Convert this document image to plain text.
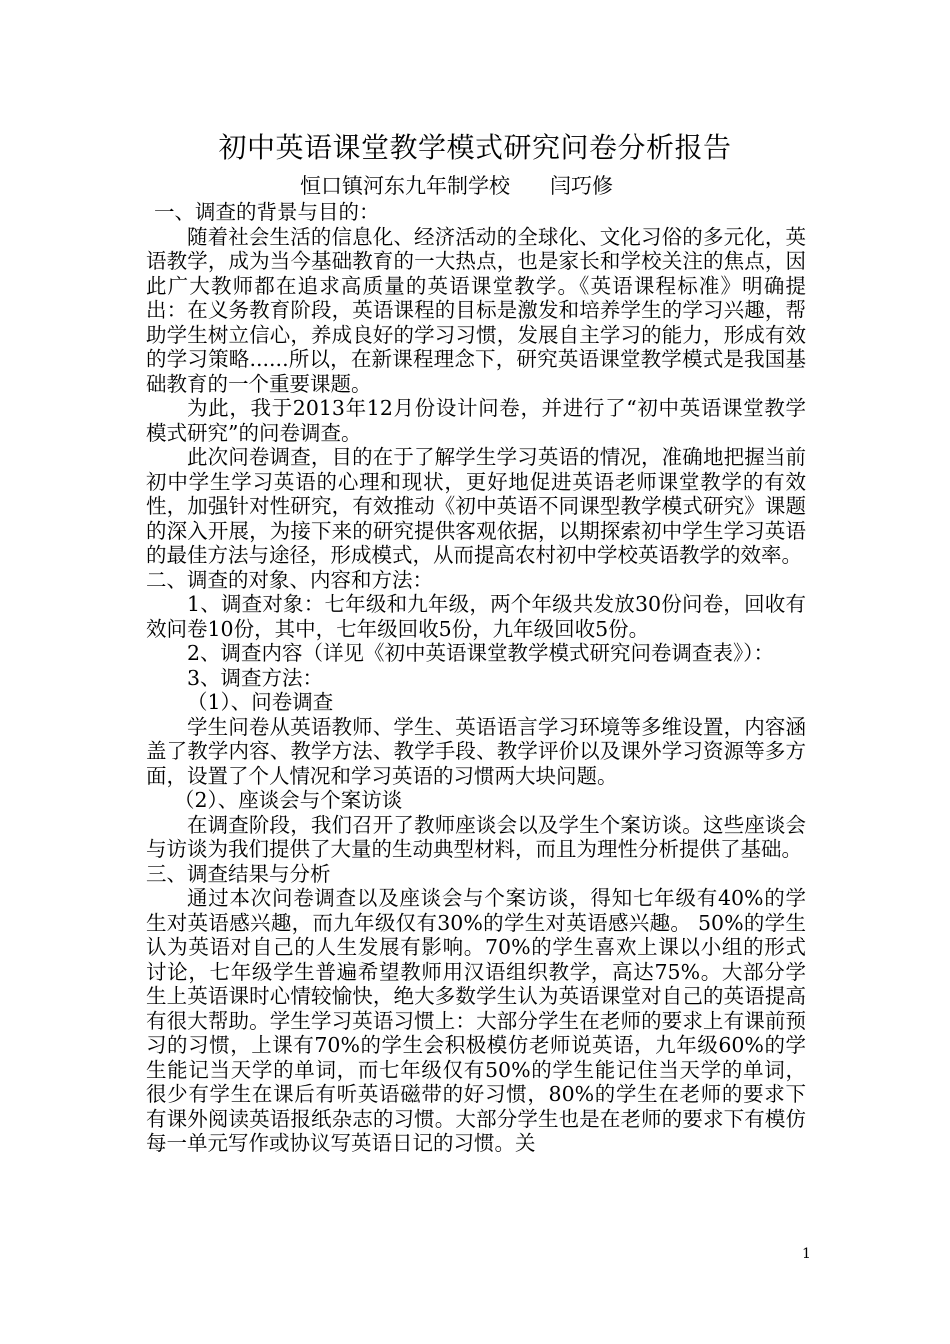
初中英语课堂教学模式研究问卷分析报告
恒口镇河东九年制学校      闫巧修

一、调查的背景与目的：

随着社会生活的信息化、经济活动的全球化、文化习俗的多元化，英语教学，成为当今基础教育的一大热点，也是家长和学校关注的焦点，因此广大教师都在追求高质量的英语课堂教学。《英语课程标准》明确提出：在义务教育阶段，英语课程的目标是激发和培养学生的学习兴趣，帮助学生树立信心，养成良好的学习习惯，发展自主学习的能力，形成有效的学习策略......所以，在新课程理念下，研究英语课堂教学模式是我国基础教育的一个重要课题。

为此，我于2013年12月份设计问卷，并进行了“初中英语课堂教学模式研究”的问卷调查。

此次问卷调查，目的在于了解学生学习英语的情况，准确地把握当前初中学生学习英语的心理和现状，更好地促进英语老师课堂教学的有效性，加强针对性研究，有效推动《初中英语不同课型教学模式研究》课题的深入开展，为接下来的研究提供客观依据，以期探索初中学生学习英语的最佳方法与途径，形成模式，从而提高农村初中学校英语教学的效率。

二、调查的对象、内容和方法：

1、调查对象：七年级和九年级，两个年级共发放30份问卷，回收有效问卷10份，其中，七年级回收5份，九年级回收5份。

2、调查内容（详见《初中英语课堂教学模式研究问卷调查表》）：

3、调查方法：

（1）、问卷调查

学生问卷从英语教师、学生、英语语言学习环境等多维设置，内容涵盖了教学内容、教学方法、教学手段、教学评价以及课外学习资源等多方面，设置了个人情况和学习英语的习惯两大块问题。

（2）、座谈会与个案访谈

在调查阶段，我们召开了教师座谈会以及学生个案访谈。这些座谈会与访谈为我们提供了大量的生动典型材料，而且为理性分析提供了基础。

三、调查结果与分析

通过本次问卷调查以及座谈会与个案访谈，得知七年级有40%的学生对英语感兴趣，而九年级仅有30%的学生对英语感兴趣。 50%的学生认为英语对自己的人生发展有影响。70%的学生喜欢上课以小组的形式讨论，七年级学生普遍希望教师用汉语组织教学，高达75%。大部分学生上英语课时心情较愉快，绝大多数学生认为英语课堂对自己的英语提高有很大帮助。学生学习英语习惯上：大部分学生在老师的要求上有课前预习的习惯，上课有70%的学生会积极模仿老师说英语，九年级60%的学生能记当天学的单词，而七年级仅有50%的学生能记住当天学的单词，很少有学生在课后有听英语磁带的好习惯，80%的学生在老师的要求下有课外阅读英语报纸杂志的习惯。大部分学生也是在老师的要求下有模仿每一单元写作或协议写英语日记的习惯。关

1
